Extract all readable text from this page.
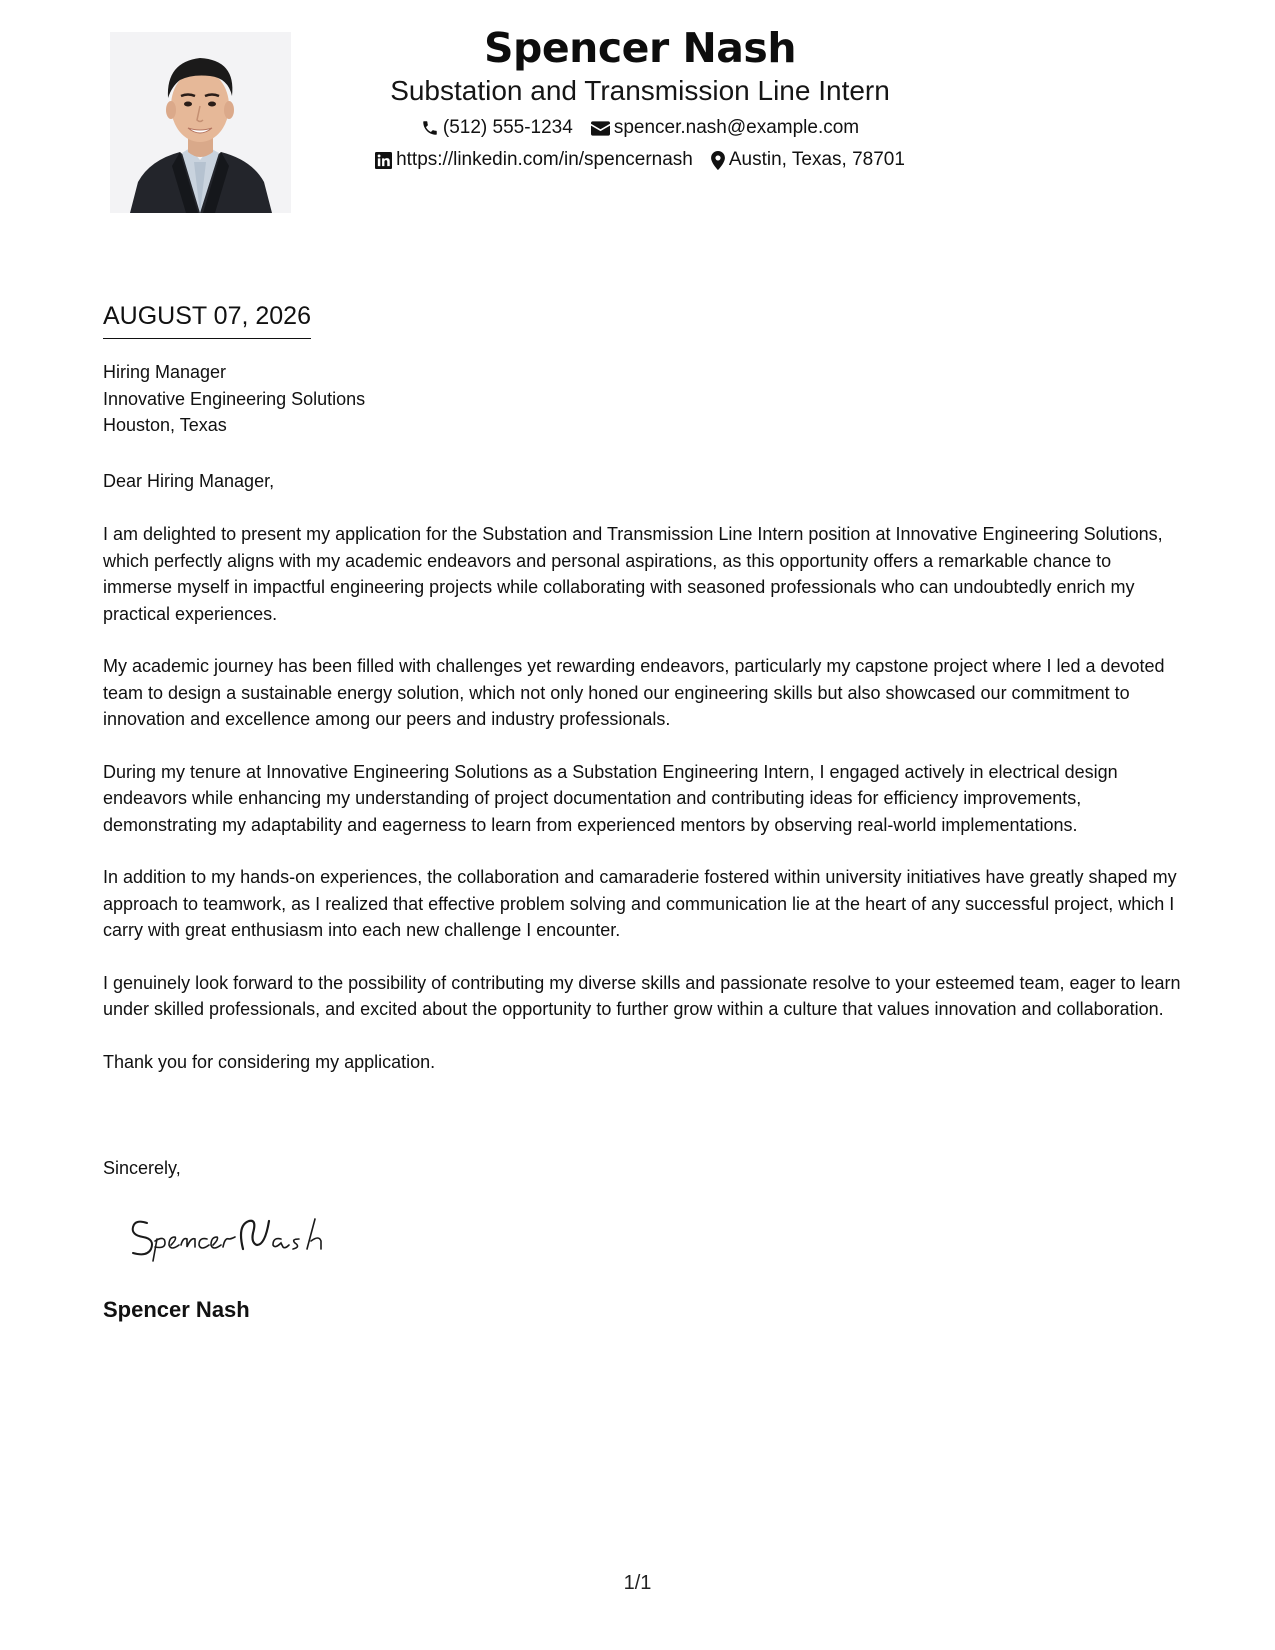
Spencer Nash
Substation and Transmission Line Intern
(512) 555-1234 spencer.nash@example.com
https://linkedin.com/in/spencernash Austin, Texas, 78701
AUGUST 07, 2026
Hiring Manager
Innovative Engineering Solutions
Houston, Texas
Dear Hiring Manager,

I am delighted to present my application for the Substation and Transmission Line Intern position at Innovative Engineering Solutions, which perfectly aligns with my academic endeavors and personal aspirations, as this opportunity offers a remarkable chance to immerse myself in impactful engineering projects while collaborating with seasoned professionals who can undoubtedly enrich my practical experiences.

My academic journey has been filled with challenges yet rewarding endeavors, particularly my capstone project where I led a devoted team to design a sustainable energy solution, which not only honed our engineering skills but also showcased our commitment to innovation and excellence among our peers and industry professionals.

During my tenure at Innovative Engineering Solutions as a Substation Engineering Intern, I engaged actively in electrical design endeavors while enhancing my understanding of project documentation and contributing ideas for efficiency improvements, demonstrating my adaptability and eagerness to learn from experienced mentors by observing real-world implementations.

In addition to my hands-on experiences, the collaboration and camaraderie fostered within university initiatives have greatly shaped my approach to teamwork, as I realized that effective problem solving and communication lie at the heart of any successful project, which I carry with great enthusiasm into each new challenge I encounter.

I genuinely look forward to the possibility of contributing my diverse skills and passionate resolve to your esteemed team, eager to learn under skilled professionals, and excited about the opportunity to further grow within a culture that values innovation and collaboration.

Thank you for considering my application.

Sincerely,
Spencer Nash
1/1
